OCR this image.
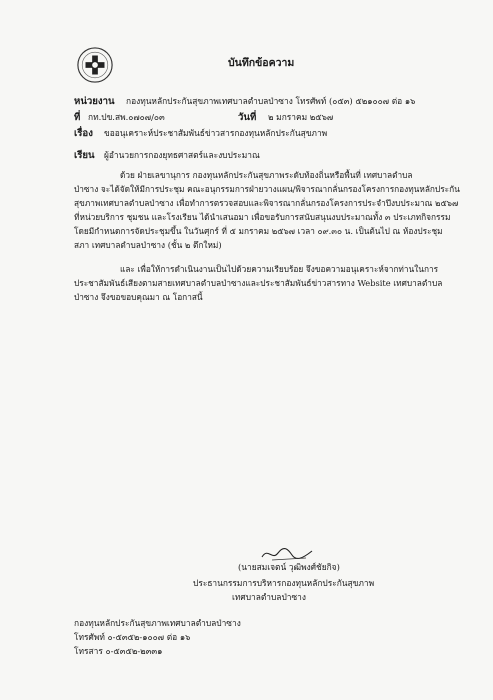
บันทึกข้อความ
หน่วยงาน กองทุนหลักประกันสุขภาพเทศบาลตำบลป่าซาง โทรศัพท์ (๐๕๓) ๕๒๑๐๐๗ ต่อ ๑๖
ที่ กท.ปข.สพ.๐๗๐๗/๐๓	วันที่ ๒ มกราคม ๒๕๖๗
เรื่อง ขออนุเคราะห์ประชาสัมพันธ์ข่าวสารกองทุนหลักประกันสุขภาพ
เรียน ผู้อำนวยการกองยุทธศาสตร์และงบประมาณ
ด้วย ฝ่ายเลขานุการ กองทุนหลักประกันสุขภาพระดับท้องถิ่นหรือพื้นที่ เทศบาลตำบล
ป่าซาง จะได้จัดให้มีการประชุม คณะอนุกรรมการฝ่ายวางแผน/พิจารณากลั่นกรองโครงการกองทุนหลักประกัน
สุขภาพเทศบาลตำบลป่าซาง เพื่อทำการตรวจสอบและพิจารณากลั่นกรองโครงการประจำปีงบประมาณ ๒๕๖๗
ที่หน่วยบริการ ชุมชน และโรงเรียน ได้นำเสนอมา เพื่อขอรับการสนับสนุนงบประมาณทั้ง ๓ ประเภทกิจกรรม
โดยมีกำหนดการจัดประชุมขึ้น ในวันศุกร์ ที่ ๕ มกราคม ๒๕๖๗ เวลา ๐๙.๓๐ น. เป็นต้นไป ณ ห้องประชุม
สภา เทศบาลตำบลป่าซาง (ชั้น ๒ ตึกใหม่)
และ เพื่อให้การดำเนินงานเป็นไปด้วยความเรียบร้อย จึงขอความอนุเคราะห์จากท่านในการ
ประชาสัมพันธ์เสียงตามสายเทศบาลตำบลป่าซางและประชาสัมพันธ์ข่าวสารทาง Website เทศบาลตำบล
ป่าซาง จึงขอขอบคุณมา ณ โอกาสนี้
(นายสมเจตน์ วุฒิพงศ์ชัยกิจ)
ประธานกรรมการบริหารกองทุนหลักประกันสุขภาพ
เทศบาลตำบลป่าซาง
กองทุนหลักประกันสุขภาพเทศบาลตำบลป่าซาง
โทรศัพท์ ๐-๕๓๕๒-๑๐๐๗ ต่อ ๑๖
โทรสาร ๐-๕๓๕๒-๒๓๓๑
